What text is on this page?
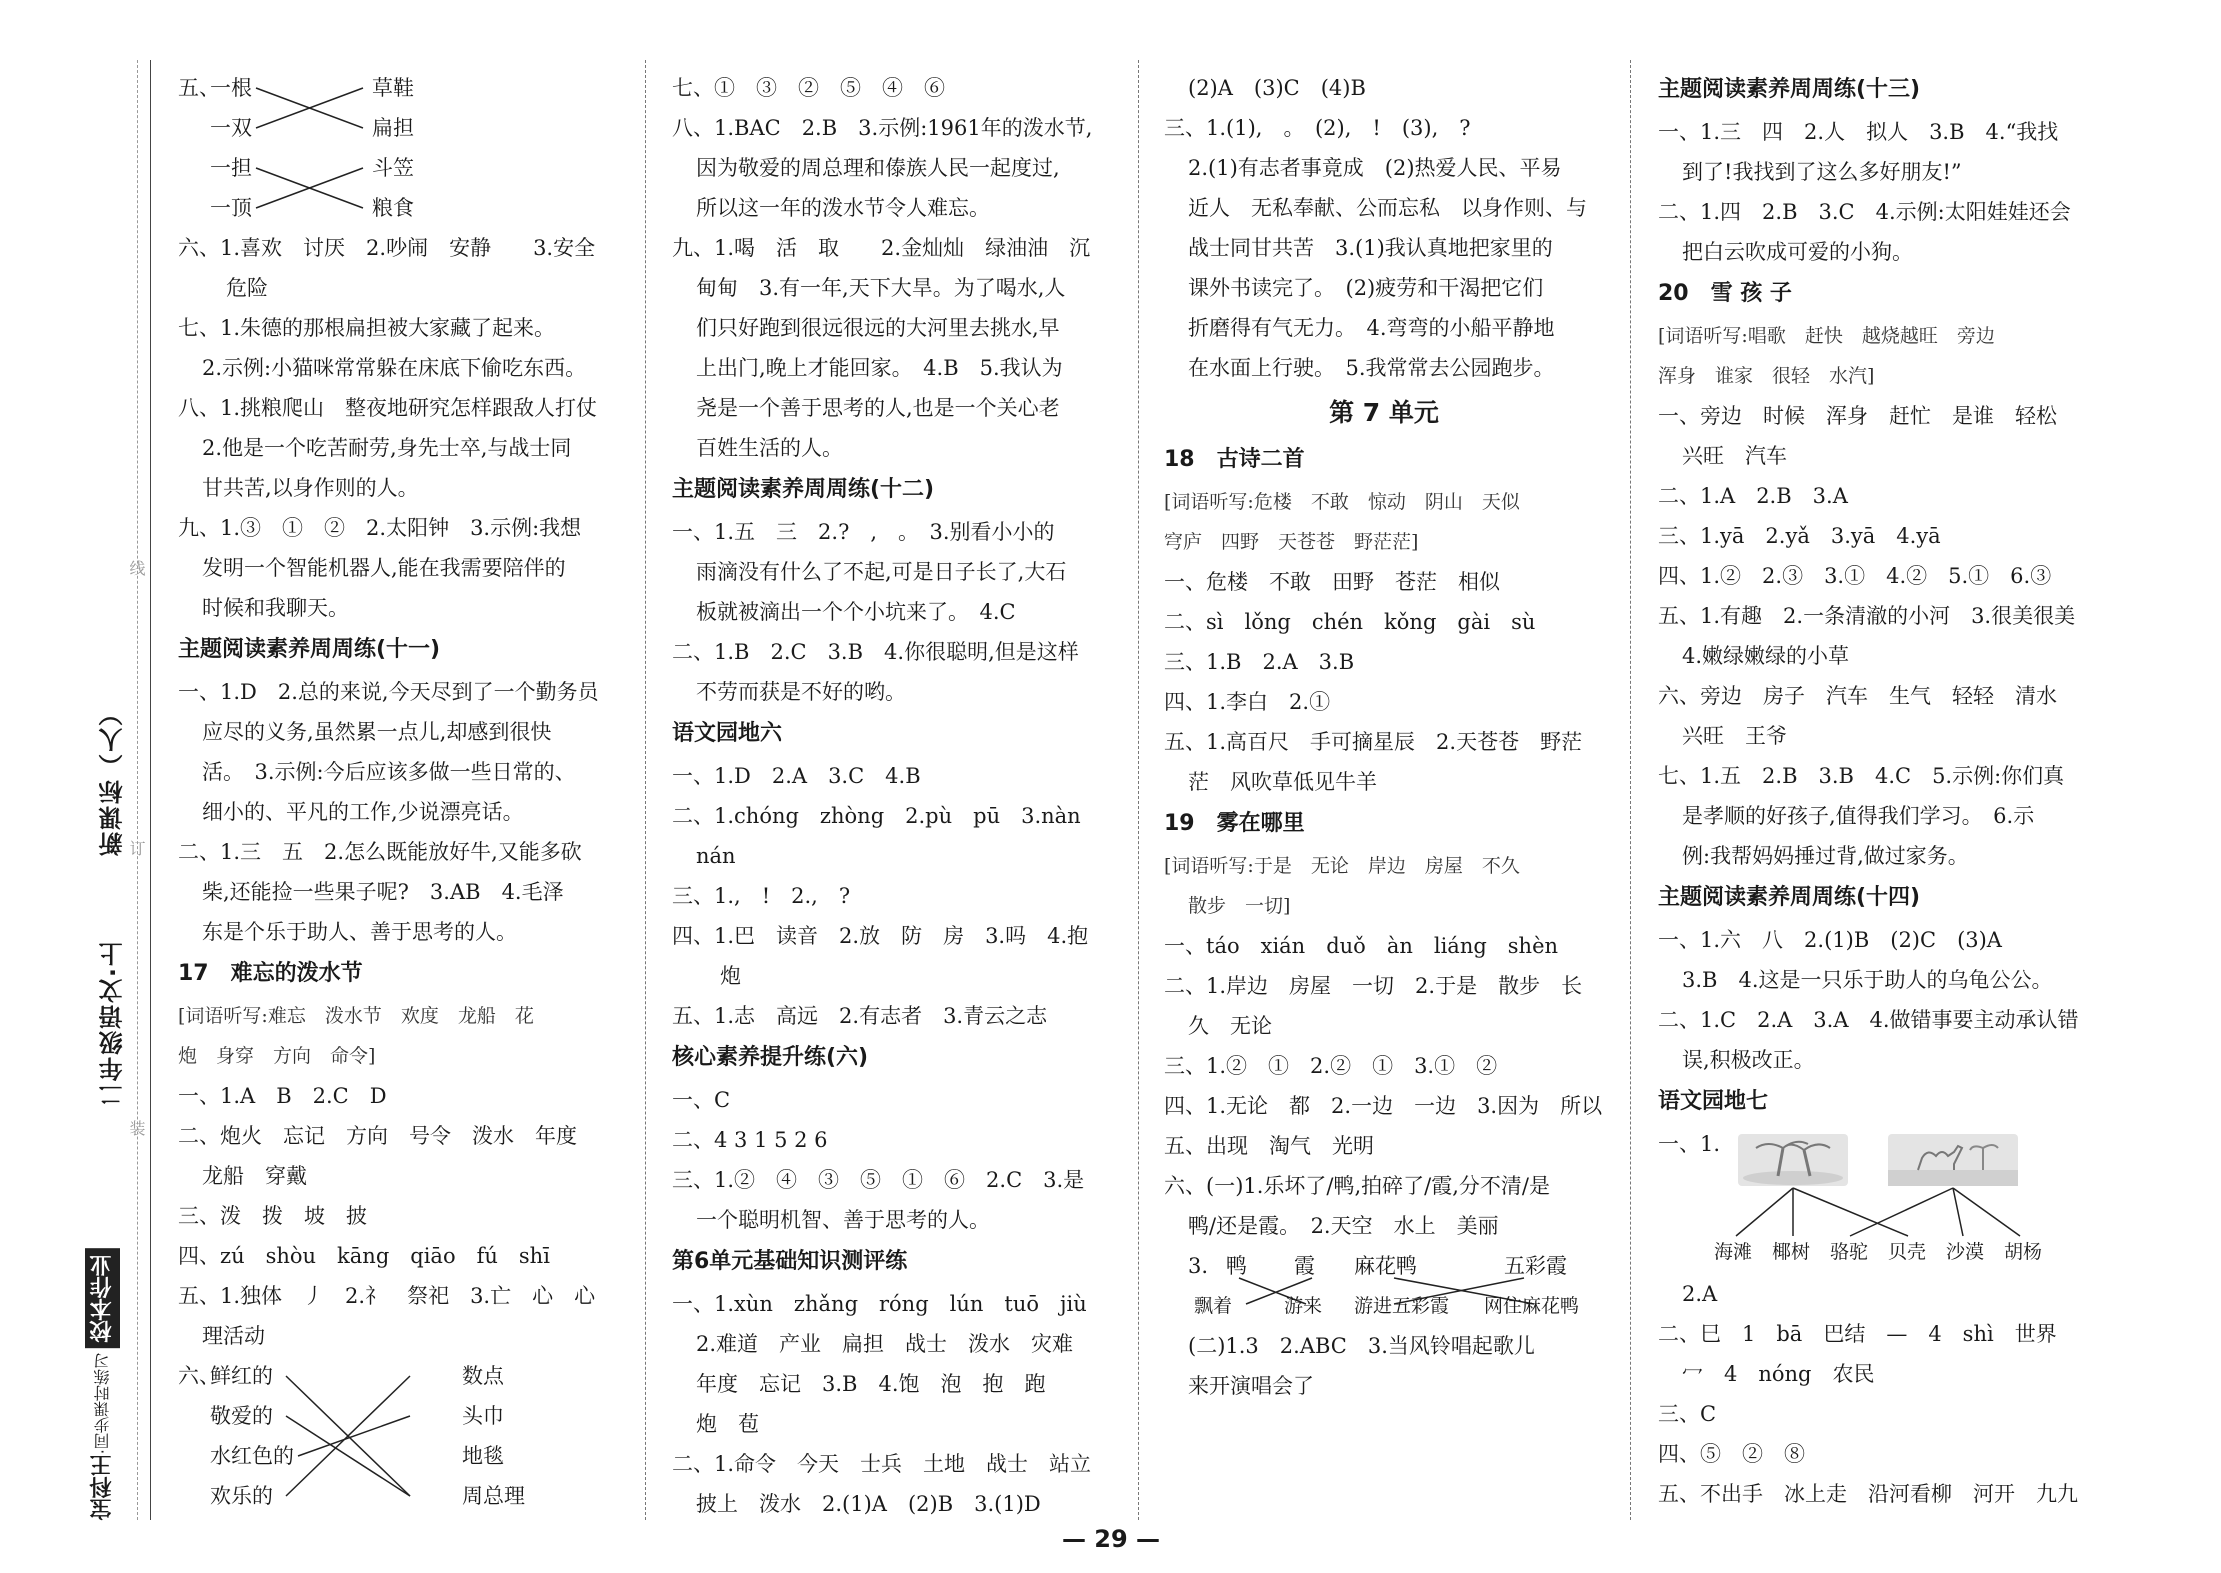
线
订
装
新课标（人）
二年级语文·上
宝科王·同步课时练习 校本作业
五、
一根
一双
一担
一顶
草鞋
扁担
斗笠
粮食
六、1.喜欢　讨厌　2.吵闹　安静　　3.安全
危险
七、1.朱德的那根扁担被大家藏了起来。
2.示例:小猫咪常常躲在床底下偷吃东西。
八、1.挑粮爬山　整夜地研究怎样跟敌人打仗
2.他是一个吃苦耐劳,身先士卒,与战士同
甘共苦,以身作则的人。
九、1.③　①　②　2.太阳钟　3.示例:我想
发明一个智能机器人,能在我需要陪伴的
时候和我聊天。
主题阅读素养周周练(十一)
一、1.D　2.总的来说,今天尽到了一个勤务员
应尽的义务,虽然累一点儿,却感到很快
活。　3.示例:今后应该多做一些日常的、
细小的、平凡的工作,少说漂亮话。
二、1.三　五　2.怎么既能放好牛,又能多砍
柴,还能捡一些果子呢?　3.AB　4.毛泽
东是个乐于助人、善于思考的人。
17　难忘的泼水节
[词语听写:难忘　泼水节　欢度　龙船　花
炮　身穿　方向　命令]
一、1.A　B　2.C　D
二、炮火　忘记　方向　号令　泼水　年度
龙船　穿戴
三、泼　拨　坡　披
四、zú　shòu　kāng　qiāo　fú　shī
五、1.独体　丿　2.礻　祭祀　3.亡　心　心
理活动
六、
鲜红的
敬爱的
水红色的
欢乐的
数点
头巾
地毯
周总理
七、①　③　②　⑤　④　⑥
八、1.BAC　2.B　3.示例:1961年的泼水节,
因为敬爱的周总理和傣族人民一起度过,
所以这一年的泼水节令人难忘。
九、1.喝　活　取　　2.金灿灿　绿油油　沉
甸甸　3.有一年,天下大旱。为了喝水,人
们只好跑到很远很远的大河里去挑水,早
上出门,晚上才能回家。　4.B　5.我认为
尧是一个善于思考的人,也是一个关心老
百姓生活的人。
主题阅读素养周周练(十二)
一、1.五　三　2.?　,　。　3.别看小小的
雨滴没有什么了不起,可是日子长了,大石
板就被滴出一个个小坑来了。　4.C
二、1.B　2.C　3.B　4.你很聪明,但是这样
不劳而获是不好的哟。
语文园地六
一、1.D　2.A　3.C　4.B
二、1.chóng　zhòng　2.pù　pū　3.nàn
nán
三、1.,　!　2.,　?
四、1.巴　读音　2.放　防　房　3.吗　4.抱
炮
五、1.志　高远　2.有志者　3.青云之志
核心素养提升练(六)
一、C
二、4 3 1 5 2 6
三、1.②　④　③　⑤　①　⑥　2.C　3.是
一个聪明机智、善于思考的人。
第6单元基础知识测评练
一、1.xùn　zhǎng　róng　lún　tuō　jiù
2.难道　产业　扁担　战士　泼水　灾难
年度　忘记　3.B　4.饱　泡　抱　跑
炮　苞
二、1.命令　今天　士兵　土地　战士　站立
披上　泼水　2.(1)A　(2)B　3.(1)D
(2)A　(3)C　(4)B
三、1.(1),　。　(2),　!　(3),　?
2.(1)有志者事竟成　(2)热爱人民、平易
近人　无私奉献、公而忘私　以身作则、与
战士同甘共苦　3.(1)我认真地把家里的
课外书读完了。　(2)疲劳和干渴把它们
折磨得有气无力。　4.弯弯的小船平静地
在水面上行驶。　5.我常常去公园跑步。
第 7 单元
18　古诗二首
[词语听写:危楼　不敢　惊动　阴山　天似
穹庐　四野　天苍苍　野茫茫]
一、危楼　不敢　田野　苍茫　相似
二、sì　lǒng　chén　kǒng　gài　sù
三、1.B　2.A　3.B
四、1.李白　2.①
五、1.高百尺　手可摘星辰　2.天苍苍　野茫
茫　风吹草低见牛羊
19　雾在哪里
[词语听写:于是　无论　岸边　房屋　不久
散步　一切]
一、táo　xián　duǒ　àn　liáng　shèn
二、1.岸边　房屋　一切　2.于是　散步　长
久　无论
三、1.②　①　2.②　①　3.①　②
四、1.无论　都　2.一边　一边　3.因为　所以
五、出现　淘气　光明
六、(一)1.乐坏了/鸭,拍碎了/霞,分不清/是
鸭/还是霞。　2.天空　水上　美丽
3. 鸭 霞 麻花鸭	五彩霞
飘着	游来 游进五彩霞 网住麻花鸭
(二)1.3　2.ABC　3.当风铃唱起歌儿
来开演唱会了
主题阅读素养周周练(十三)
一、1.三　四　2.人　拟人　3.B　4.“我找
到了!我找到了这么多好朋友!”
二、1.四　2.B　3.C　4.示例:太阳娃娃还会
把白云吹成可爱的小狗。
20　雪 孩 子
[词语听写:唱歌　赶快　越烧越旺　旁边
浑身　谁家　很轻　水汽]
一、旁边　时候　浑身　赶忙　是谁　轻松
兴旺　汽车
二、1.A　2.B　3.A
三、1.yā　2.yǎ　3.yā　4.yā
四、1.②　2.③　3.①　4.②　5.①　6.③
五、1.有趣　2.一条清澈的小河　3.很美很美
4.嫩绿嫩绿的小草
六、旁边　房子　汽车　生气　轻轻　清水
兴旺　王爷
七、1.五　2.B　3.B　4.C　5.示例:你们真
是孝顺的好孩子,值得我们学习。　6.示
例:我帮妈妈捶过背,做过家务。
主题阅读素养周周练(十四)
一、1.六　八　2.(1)B　(2)C　(3)A
3.B　4.这是一只乐于助人的乌龟公公。
二、1.C　2.A　3.A　4.做错事要主动承认错
误,积极改正。
语文园地七
一、1.
海滩 椰树 骆驼 贝壳 沙漠 胡杨
2.A
二、巳　1　bā　巴结　—　4　shì　世界
冖　4　nóng　农民
三、C
四、⑤　②　⑧
五、不出手　冰上走　沿河看柳　河开　九九
— 29 —
